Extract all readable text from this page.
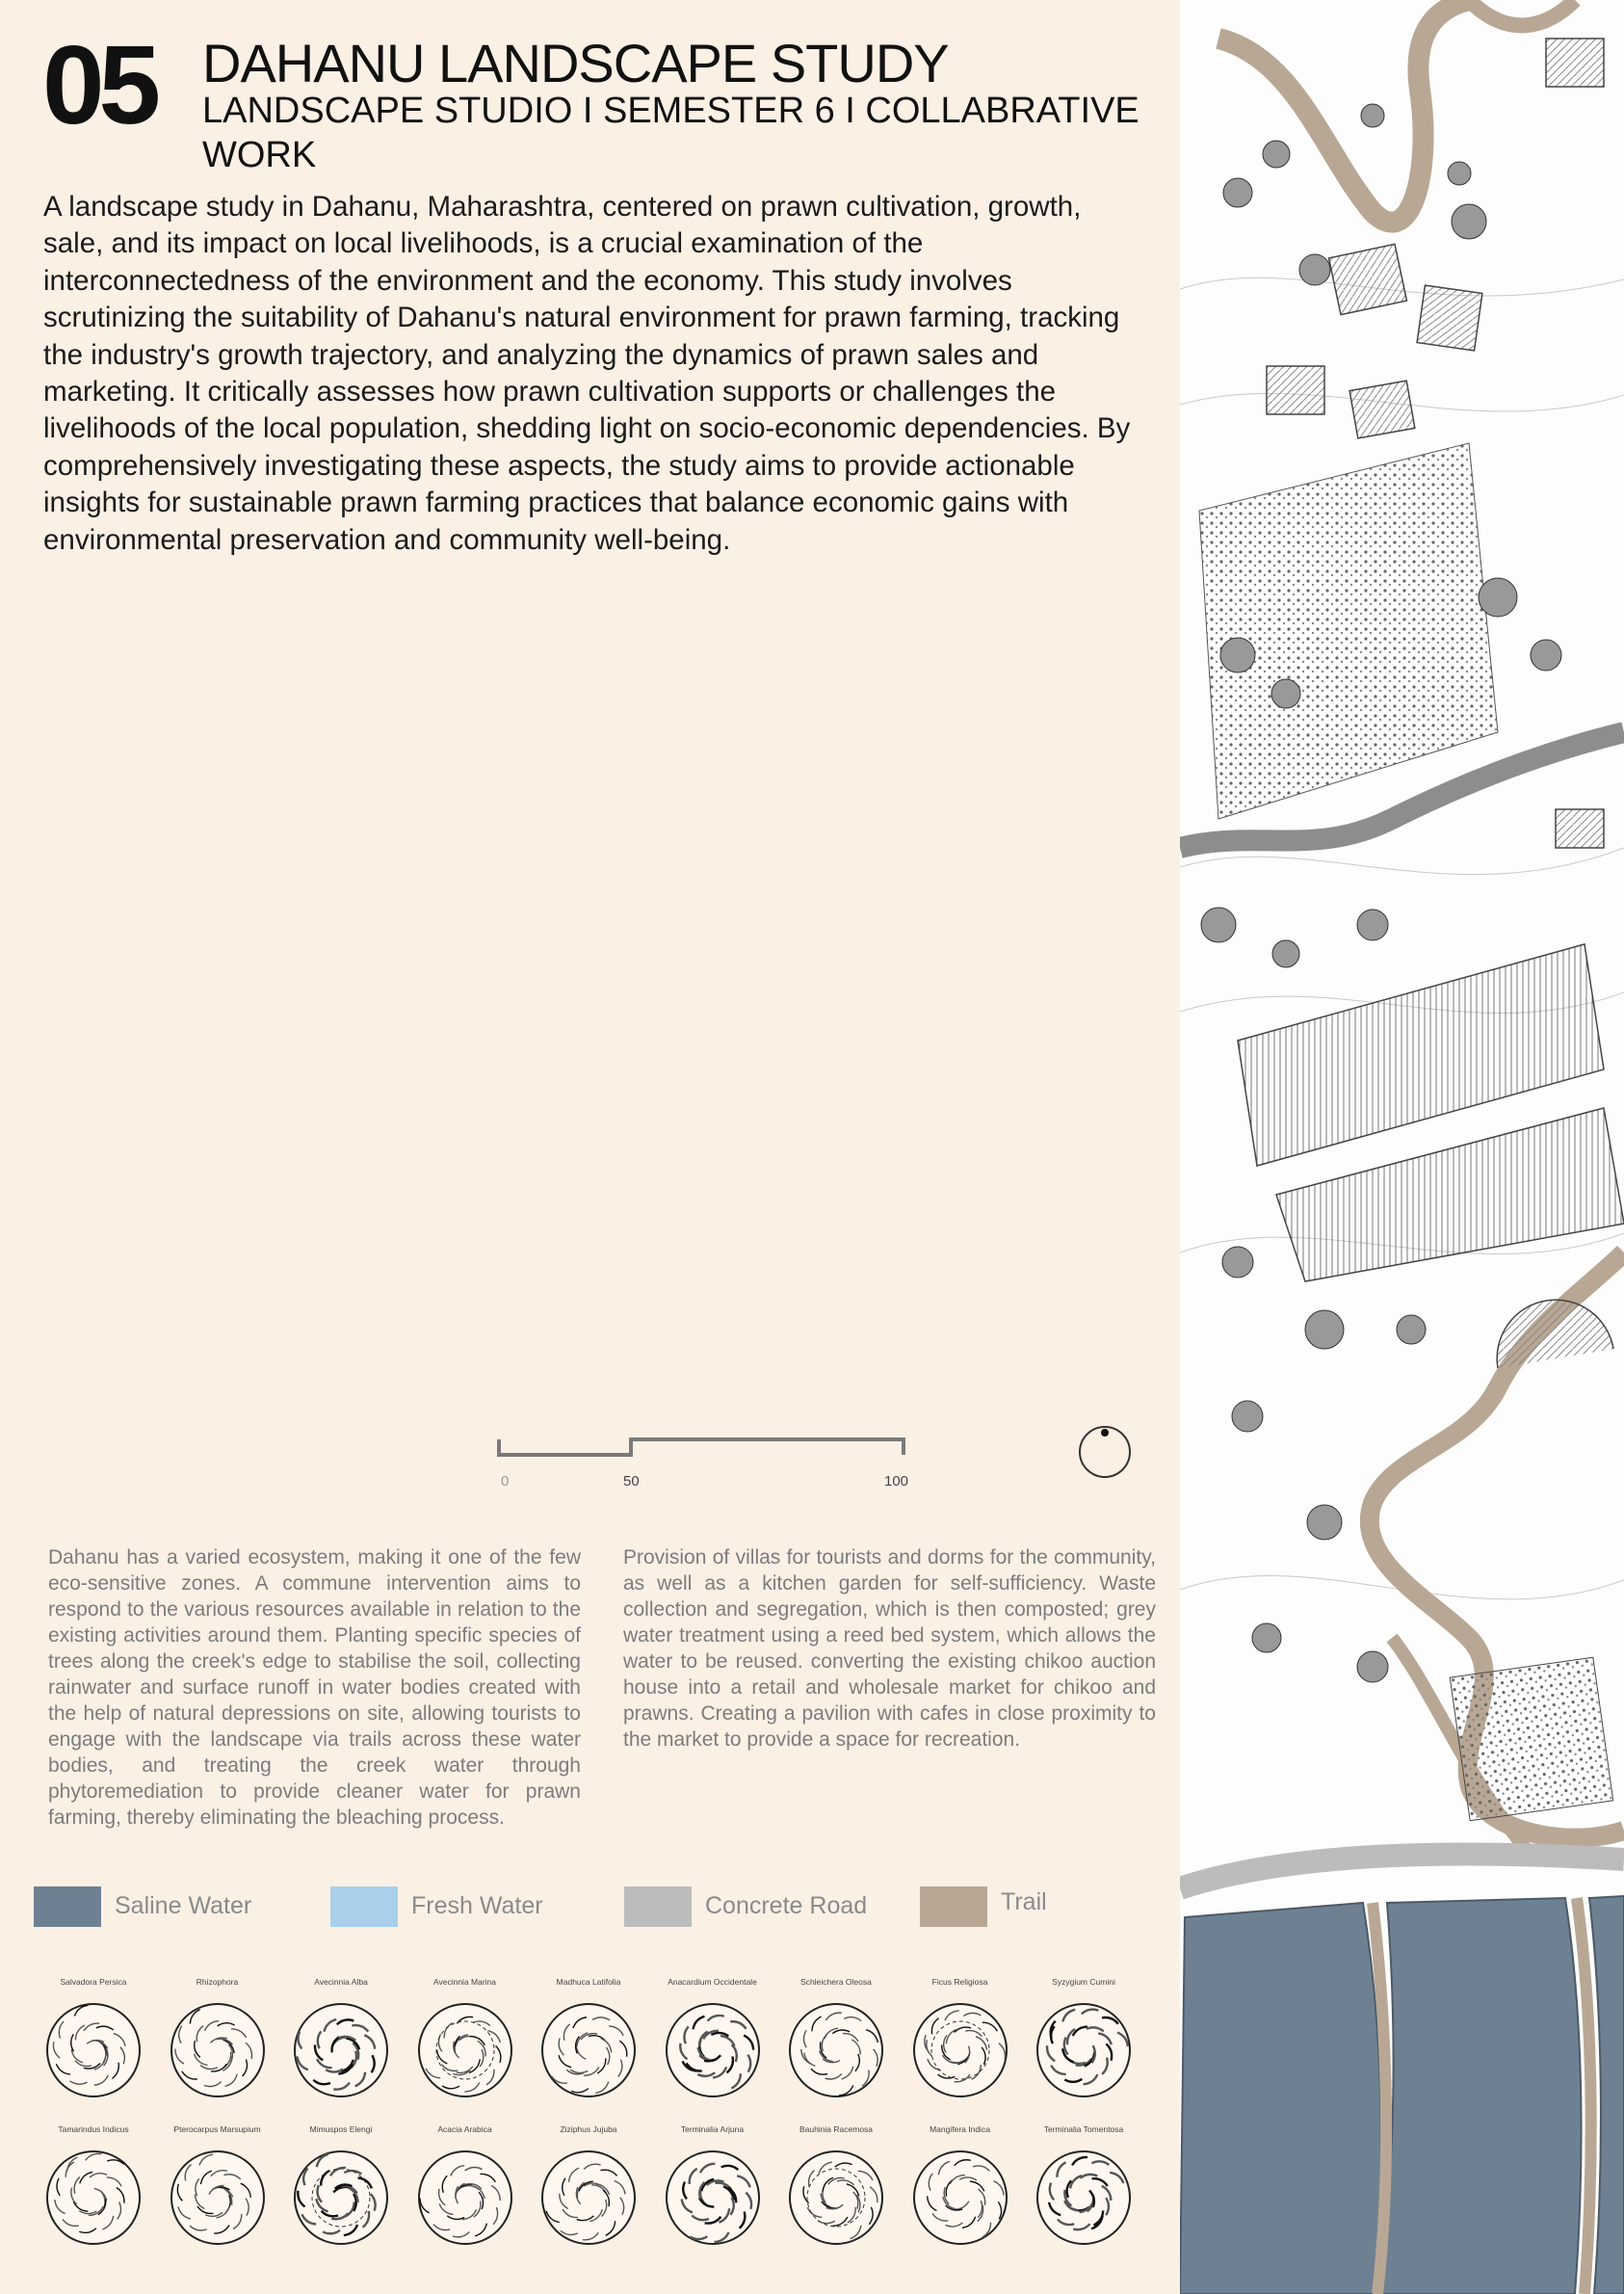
05 DAHANU LANDSCAPE STUDY
LANDSCAPE STUDIO I SEMESTER 6 I COLLABRATIVE WORK

A landscape study in Dahanu, Maharashtra, centered on prawn cultivation, growth, sale, and its impact on local livelihoods, is a crucial examination of the interconnectedness of the environment and the economy. This study involves scrutinizing the suitability of Dahanu's natural environment for prawn farming, tracking the industry's growth trajectory, and analyzing the dynamics of prawn sales and marketing. It critically assesses how prawn cultivation supports or challenges the livelihoods of the local population, shedding light on socio-economic dependencies. By comprehensively investigating these aspects, the study aims to provide actionable insights for sustainable prawn farming practices that balance economic gains with environmental preservation and community well-being.

0	50	100

Dahanu has a varied ecosystem, making it one of the few eco-sensitive zones. A commune intervention aims to respond to the various resources available in relation to the existing activities around them. Planting specific species of trees along the creek's edge to stabilise the soil, collecting rainwater and surface runoff in water bodies created with the help of natural depressions on site, allowing tourists to engage with the landscape via trails across these water bodies, and treating the creek water through phytoremediation to provide cleaner water for prawn farming, thereby eliminating the bleaching process.

Provision of villas for tourists and dorms for the community, as well as a kitchen garden for self-sufficiency. Waste collection and segregation, which is then composted; grey water treatment using a reed bed system, which allows the water to be reused. converting the existing chikoo auction house into a retail and wholesale market for chikoo and prawns. Creating a pavilion with cafes in close proximity to the market to provide a space for recreation.

Saline Water	Fresh Water	Concrete Road	Trail
Salvadora Persica	Rhizophora	Avecinnia Alba	Avecinnia Marina	Madhuca Latifolia	Anacardium Occidentale	Schleichera Oleosa	Ficus Religiosa	Syzygium Cumini
Tamarindus Indicus	Pterocarpus Marsupium	Mimuspos Elengi	Acacia Arabica	Ziziphus Jujuba	Terminalia Arjuna	Bauhinia Racemosa	Mangifera Indica	Terminalia Tomentosa
